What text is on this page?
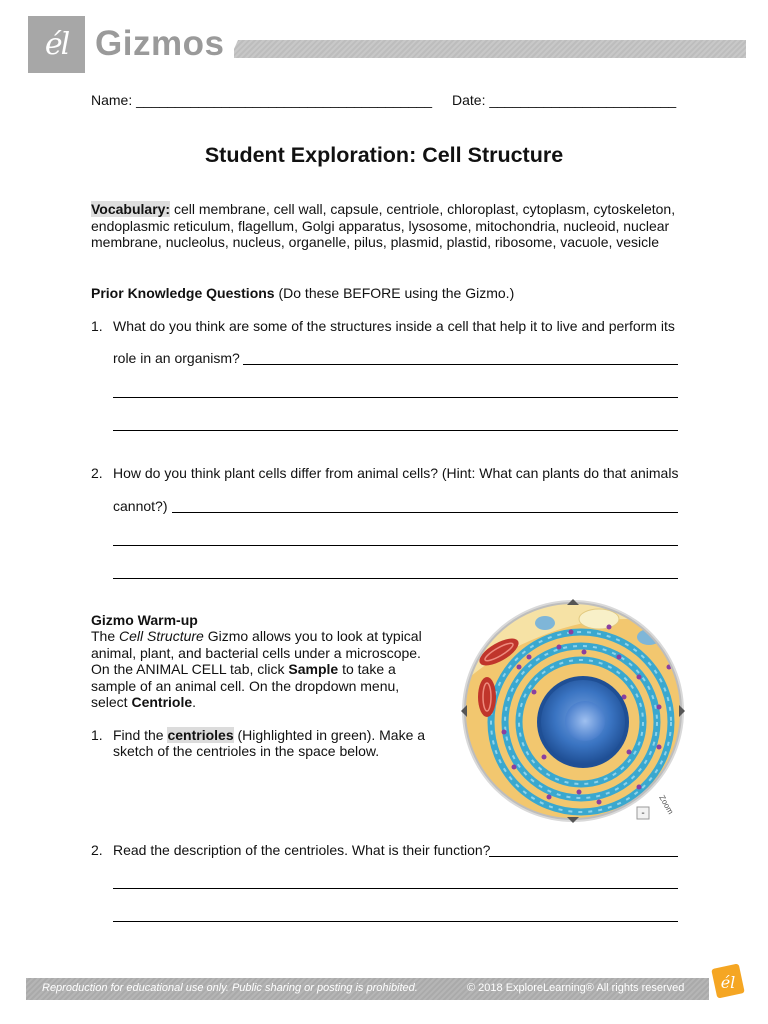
él Gizmos
Name: ______________________________________ Date: ________________________
Student Exploration: Cell Structure
Vocabulary: cell membrane, cell wall, capsule, centriole, chloroplast, cytoplasm, cytoskeleton,
endoplasmic reticulum, flagellum, Golgi apparatus, lysosome, mitochondria, nucleoid, nuclear
membrane, nucleolus, nucleus, organelle, pilus, plasmid, plastid, ribosome, vacuole, vesicle
Prior Knowledge Questions (Do these BEFORE using the Gizmo.)
1. What do you think are some of the structures inside a cell that help it to live and perform its
role in an organism?
2. How do you think plant cells differ from animal cells? (Hint: What can plants do that animals
cannot?)
Gizmo Warm-up
The Cell Structure Gizmo allows you to look at typical animal, plant, and bacterial cells under a microscope. On the ANIMAL CELL tab, click Sample to take a sample of an animal cell. On the dropdown menu, select Centriole.
1. Find the centrioles (Highlighted in green). Make a
sketch of the centrioles in the space below.
2. Read the description of the centrioles. What is their function?
- Zoom
Reproduction for educational use only. Public sharing or posting is prohibited.	© 2018 ExploreLearning® All rights reserved él
